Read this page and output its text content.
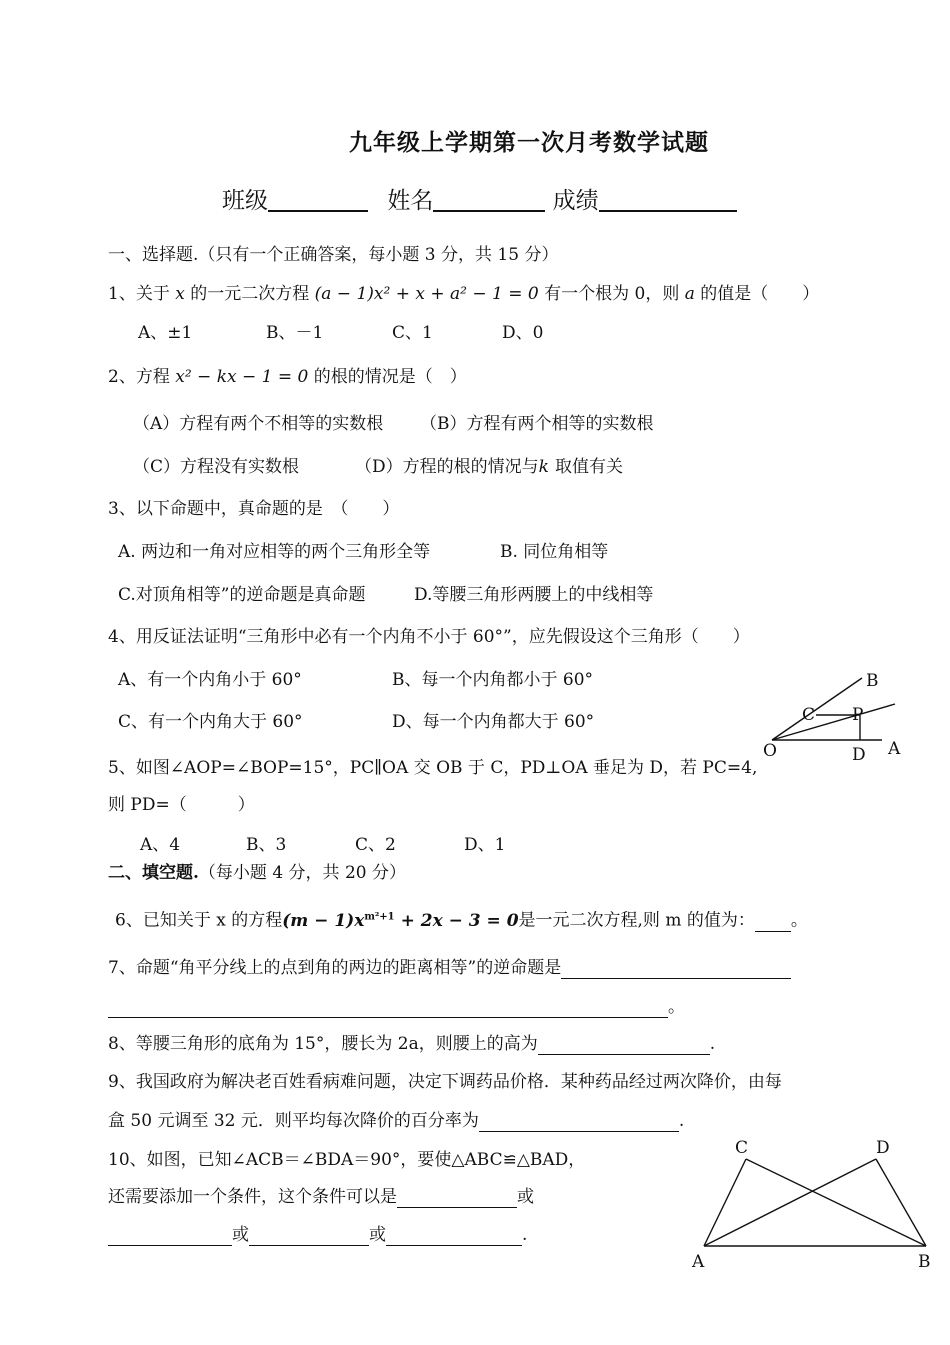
九年级上学期第一次月考数学试题
班级	姓名	成绩
一、选择题.（只有一个正确答案，每小题 3 分，共 15 分）
1、关于 x 的一元二次方程 (a − 1)x² + x + a² − 1 = 0 有一个根为 0，则 a 的值是（　　）
A、±1	B、－1	C、1	D、0
2、方程 x² − kx − 1 = 0 的根的情况是（　）
（A）方程有两个不相等的实数根 （B）方程有两个相等的实数根
（C）方程没有实数根	（D）方程的根的情况与k 取值有关
3、以下命题中，真命题的是　（　　）
A. 两边和一角对应相等的两个三角形全等	B. 同位角相等
C.对顶角相等”的逆命题是真命题	D.等腰三角形两腰上的中线相等
4、用反证法证明“三角形中必有一个内角不小于 60°”，应先假设这个三角形（　　）
A、有一个内角小于 60°	B、每一个内角都小于 60°
C、有一个内角大于 60°	D、每一个内角都大于 60°
B
C P
O	D A
5、如图∠AOP=∠BOP=15°，PC∥OA 交 OB 于 C，PD⊥OA 垂足为 D，若 PC=4,
则 PD=（　　　）
A、4	B、3	C、2	D、1
二、填空题.（每小题 4 分，共 20 分）
6、已知关于 x 的方程$(m - 1)x^{m^2+1} + 2x - 3 = 0$是一元二次方程,则 m 的值为： 。
7、命题“角平分线上的点到角的两边的距离相等”的逆命题是
。
8、等腰三角形的底角为 15°，腰长为 2a，则腰上的高为	.
9、我国政府为解决老百姓看病难问题，决定下调药品价格．某种药品经过两次降价，由每
盒 50 元调至 32 元．则平均每次降价的百分率为	.
10、如图，已知∠ACB＝∠BDA＝90°，要使△ABC≌△BAD，
还需要添加一个条件，这个条件可以是	或
或	或	.
C	D
A	B
